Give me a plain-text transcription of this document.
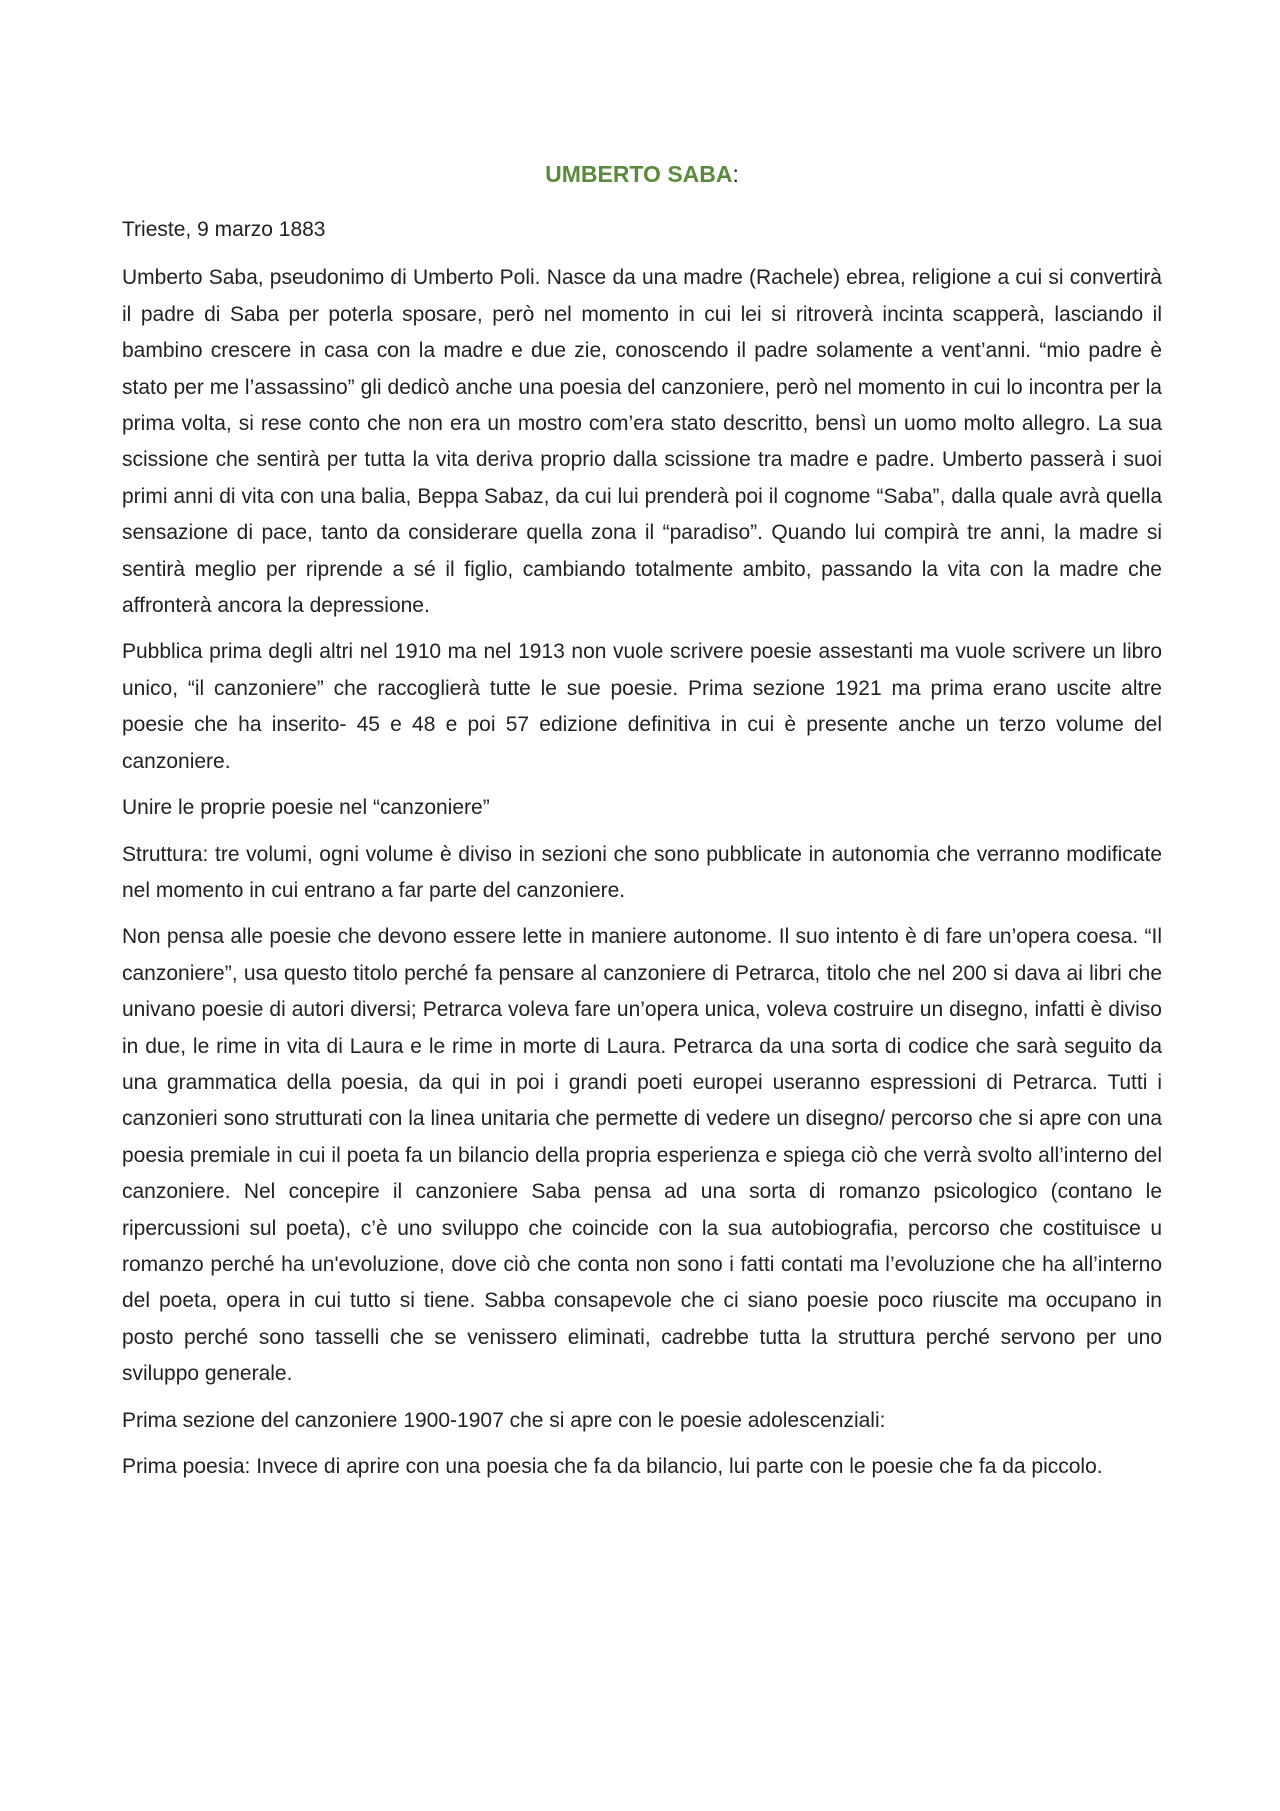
UMBERTO SABA:

Trieste, 9 marzo 1883

Umberto Saba, pseudonimo di Umberto Poli. Nasce da una madre (Rachele) ebrea, religione a cui si convertirà il padre di Saba per poterla sposare, però nel momento in cui lei si ritroverà incinta scapperà, lasciando il bambino crescere in casa con la madre e due zie, conoscendo il padre solamente a vent’anni. “mio padre è stato per me l’assassino” gli dedicò anche una poesia del canzoniere, però nel momento in cui lo incontra per la prima volta, si rese conto che non era un mostro com’era stato descritto, bensì un uomo molto allegro. La sua scissione che sentirà per tutta la vita deriva proprio dalla scissione tra madre e padre. Umberto passerà i suoi primi anni di vita con una balia, Beppa Sabaz, da cui lui prenderà poi il cognome “Saba”, dalla quale avrà quella sensazione di pace, tanto da considerare quella zona il “paradiso”. Quando lui compirà tre anni, la madre si sentirà meglio per riprende a sé il figlio, cambiando totalmente ambito, passando la vita con la madre che affronterà ancora la depressione.

Pubblica prima degli altri nel 1910 ma nel 1913 non vuole scrivere poesie assestanti ma vuole scrivere un libro unico, “il canzoniere” che raccoglierà tutte le sue poesie. Prima sezione 1921 ma prima erano uscite altre poesie che ha inserito- 45 e 48 e poi 57 edizione definitiva in cui è presente anche un terzo volume del canzoniere.

Unire le proprie poesie nel “canzoniere”

Struttura: tre volumi, ogni volume è diviso in sezioni che sono pubblicate in autonomia che verranno modificate nel momento in cui entrano a far parte del canzoniere.

Non pensa alle poesie che devono essere lette in maniere autonome. Il suo intento è di fare un’opera coesa. “Il canzoniere”, usa questo titolo perché fa pensare al canzoniere di Petrarca, titolo che nel 200 si dava ai libri che univano poesie di autori diversi; Petrarca voleva fare un’opera unica, voleva costruire un disegno, infatti è diviso in due, le rime in vita di Laura e le rime in morte di Laura. Petrarca da una sorta di codice che sarà seguito da una grammatica della poesia, da qui in poi i grandi poeti europei useranno espressioni di Petrarca. Tutti i canzonieri sono strutturati con la linea unitaria che permette di vedere un disegno/ percorso che si apre con una poesia premiale in cui il poeta fa un bilancio della propria esperienza e spiega ciò che verrà svolto all’interno del canzoniere. Nel concepire il canzoniere Saba pensa ad una sorta di romanzo psicologico (contano le ripercussioni sul poeta), c’è uno sviluppo che coincide con la sua autobiografia, percorso che costituisce u romanzo perché ha un'evoluzione, dove ciò che conta non sono i fatti contati ma l’evoluzione che ha all’interno del poeta, opera in cui tutto si tiene. Sabba consapevole che ci siano poesie poco riuscite ma occupano in posto perché sono tasselli che se venissero eliminati, cadrebbe tutta la struttura perché servono per uno sviluppo generale.

Prima sezione del canzoniere 1900-1907 che si apre con le poesie adolescenziali:

Prima poesia: Invece di aprire con una poesia che fa da bilancio, lui parte con le poesie che fa da piccolo.
